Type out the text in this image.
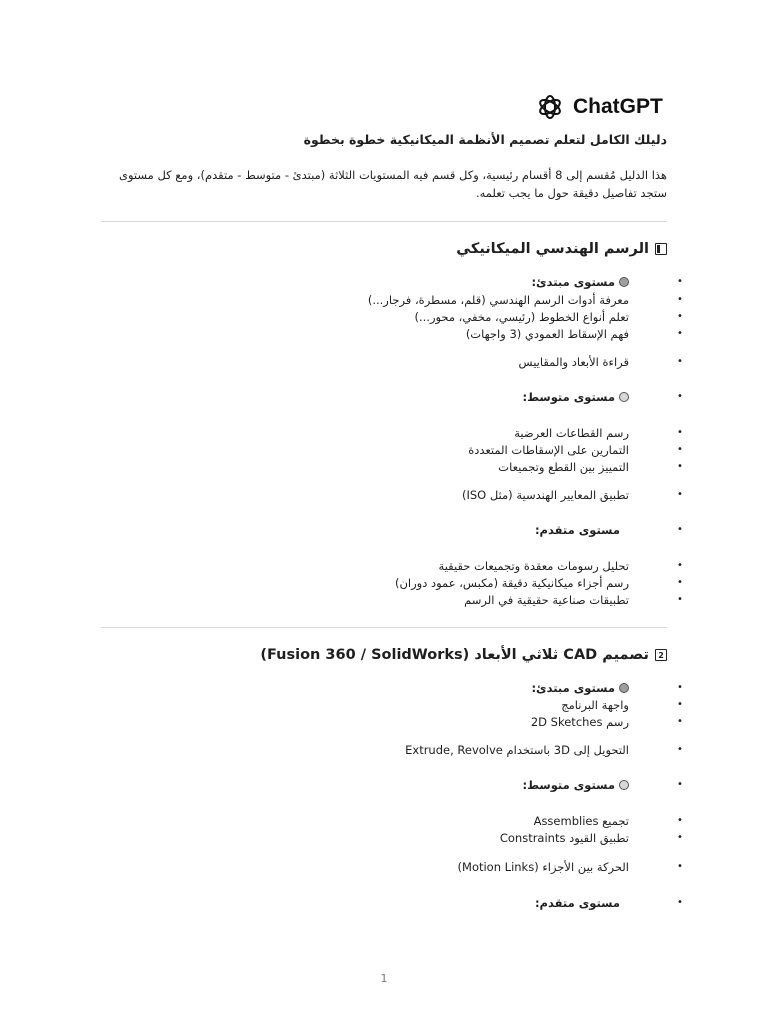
ChatGPT
دليلك الكامل لتعلم تصميم الأنظمة الميكانيكية خطوة بخطوة
هذا الدليل مُقسم إلى 8 أقسام رئيسية، وكل قسم فيه المستويات الثلاثة (مبتدئ - متوسط - متقدم)، ومع كل مستوى ستجد تفاصيل دقيقة حول ما يجب تعلمه.
الرسم الهندسي الميكانيكي
•
مستوى مبتدئ:
•
معرفة أدوات الرسم الهندسي (قلم، مسطرة، فرجار...)
•
تعلم أنواع الخطوط (رئيسي، مخفي، محور...)
•
فهم الإسقاط العمودي (3 واجهات)
•
قراءة الأبعاد والمقاييس
•
مستوى متوسط:
•
رسم القطاعات العرضية
•
التمارين على الإسقاطات المتعددة
•
التمييز بين القطع وتجميعات
•
تطبيق المعايير الهندسية (مثل ISO)
•
مستوى متقدم:
•
تحليل رسومات معقدة وتجميعات حقيقية
•
رسم أجزاء ميكانيكية دقيقة (مكبس، عمود دوران)
•
تطبيقات صناعية حقيقية في الرسم
2
تصميم CAD ثلاثي الأبعاد (Fusion 360 / SolidWorks)
•
مستوى مبتدئ:
•
واجهة البرنامج
•
رسم 2D Sketches
•
التحويل إلى 3D باستخدام Extrude, Revolve
•
مستوى متوسط:
•
تجميع Assemblies
•
تطبيق القيود Constraints
•
الحركة بين الأجزاء (Motion Links)
•
مستوى متقدم:
1
